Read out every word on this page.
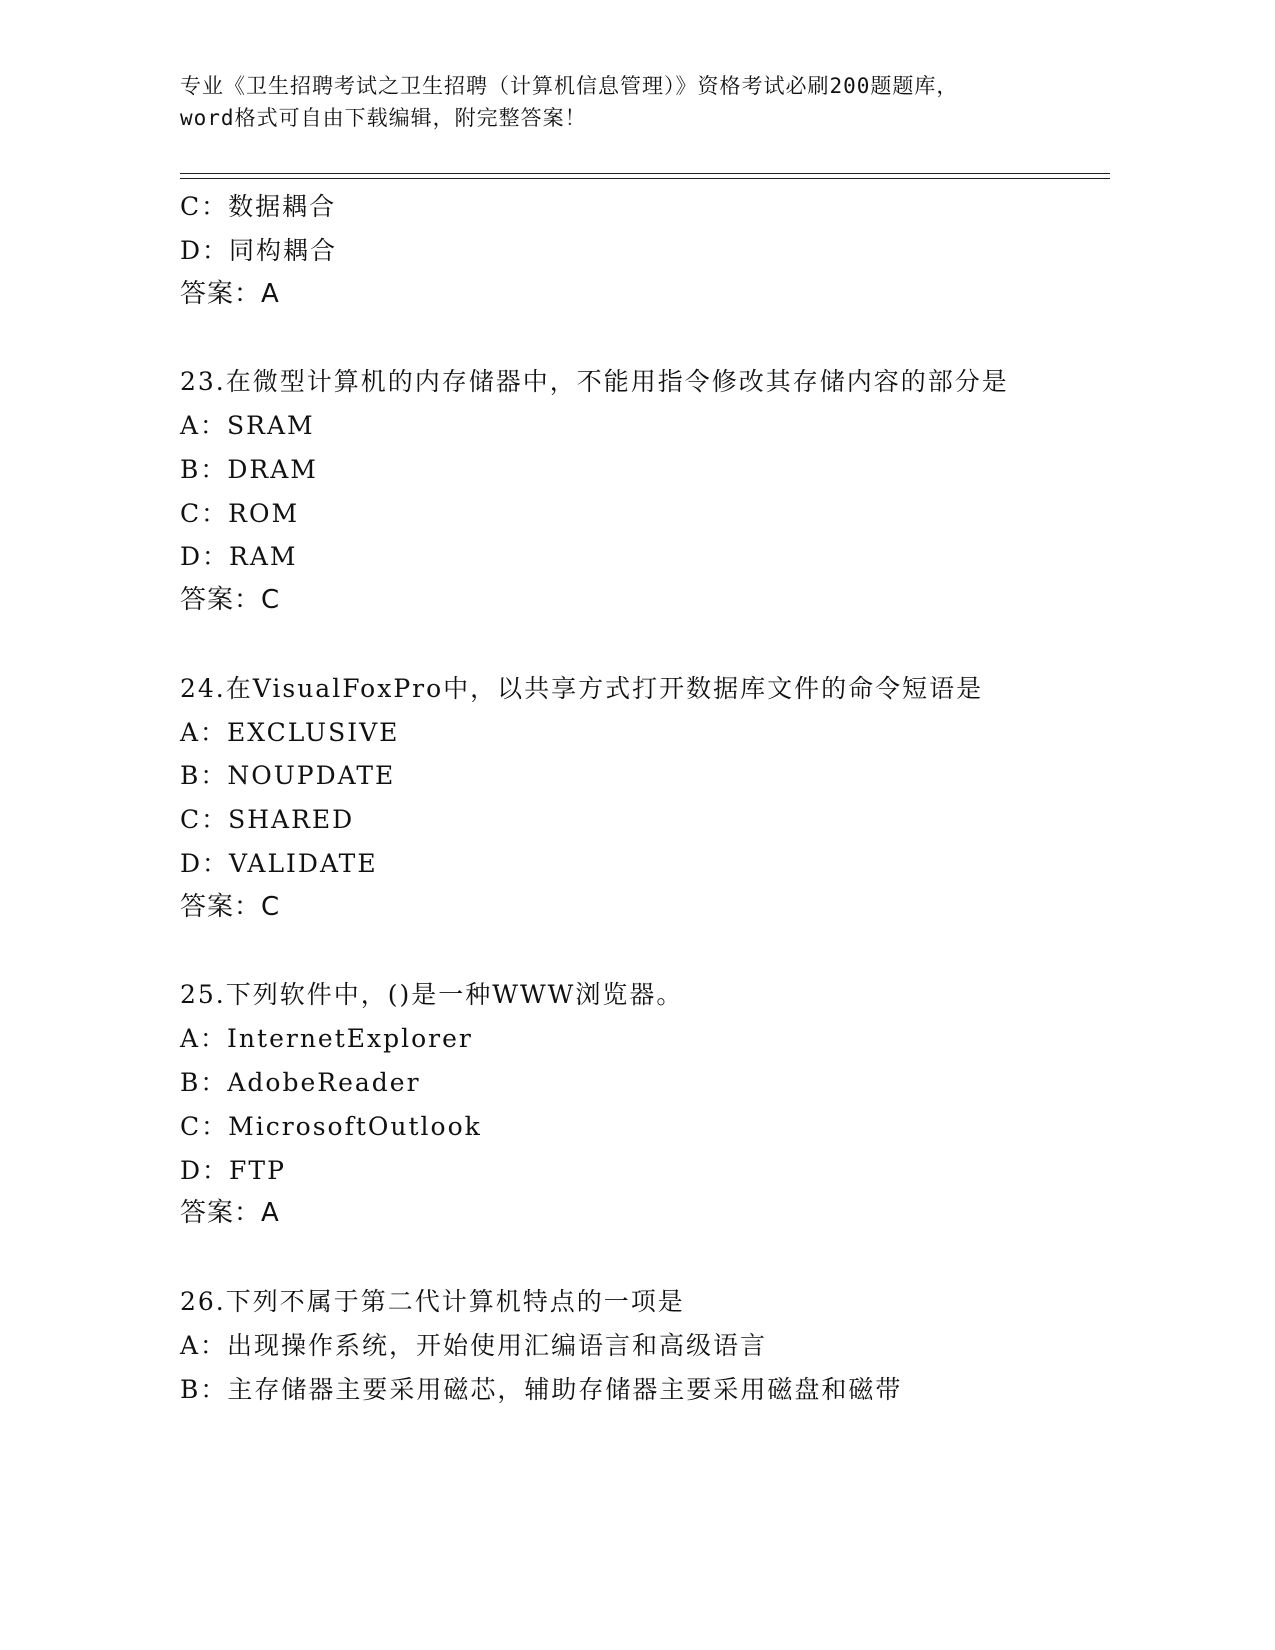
专业《卫生招聘考试之卫生招聘（计算机信息管理）》资格考试必刷200题题库，
word格式可自由下载编辑，附完整答案！
C：数据耦合
D：同构耦合
答案：A
23.在微型计算机的内存储器中，不能用指令修改其存储内容的部分是
A：SRAM
B：DRAM
C：ROM
D：RAM
答案：C
24.在VisualFoxPro中，以共享方式打开数据库文件的命令短语是
A：EXCLUSIVE
B：NOUPDATE
C：SHARED
D：VALIDATE
答案：C
25.下列软件中，()是一种WWW浏览器。
A：InternetExplorer
B：AdobeReader
C：MicrosoftOutlook
D：FTP
答案：A
26.下列不属于第二代计算机特点的一项是
A：出现操作系统，开始使用汇编语言和高级语言
B：主存储器主要采用磁芯，辅助存储器主要采用磁盘和磁带
